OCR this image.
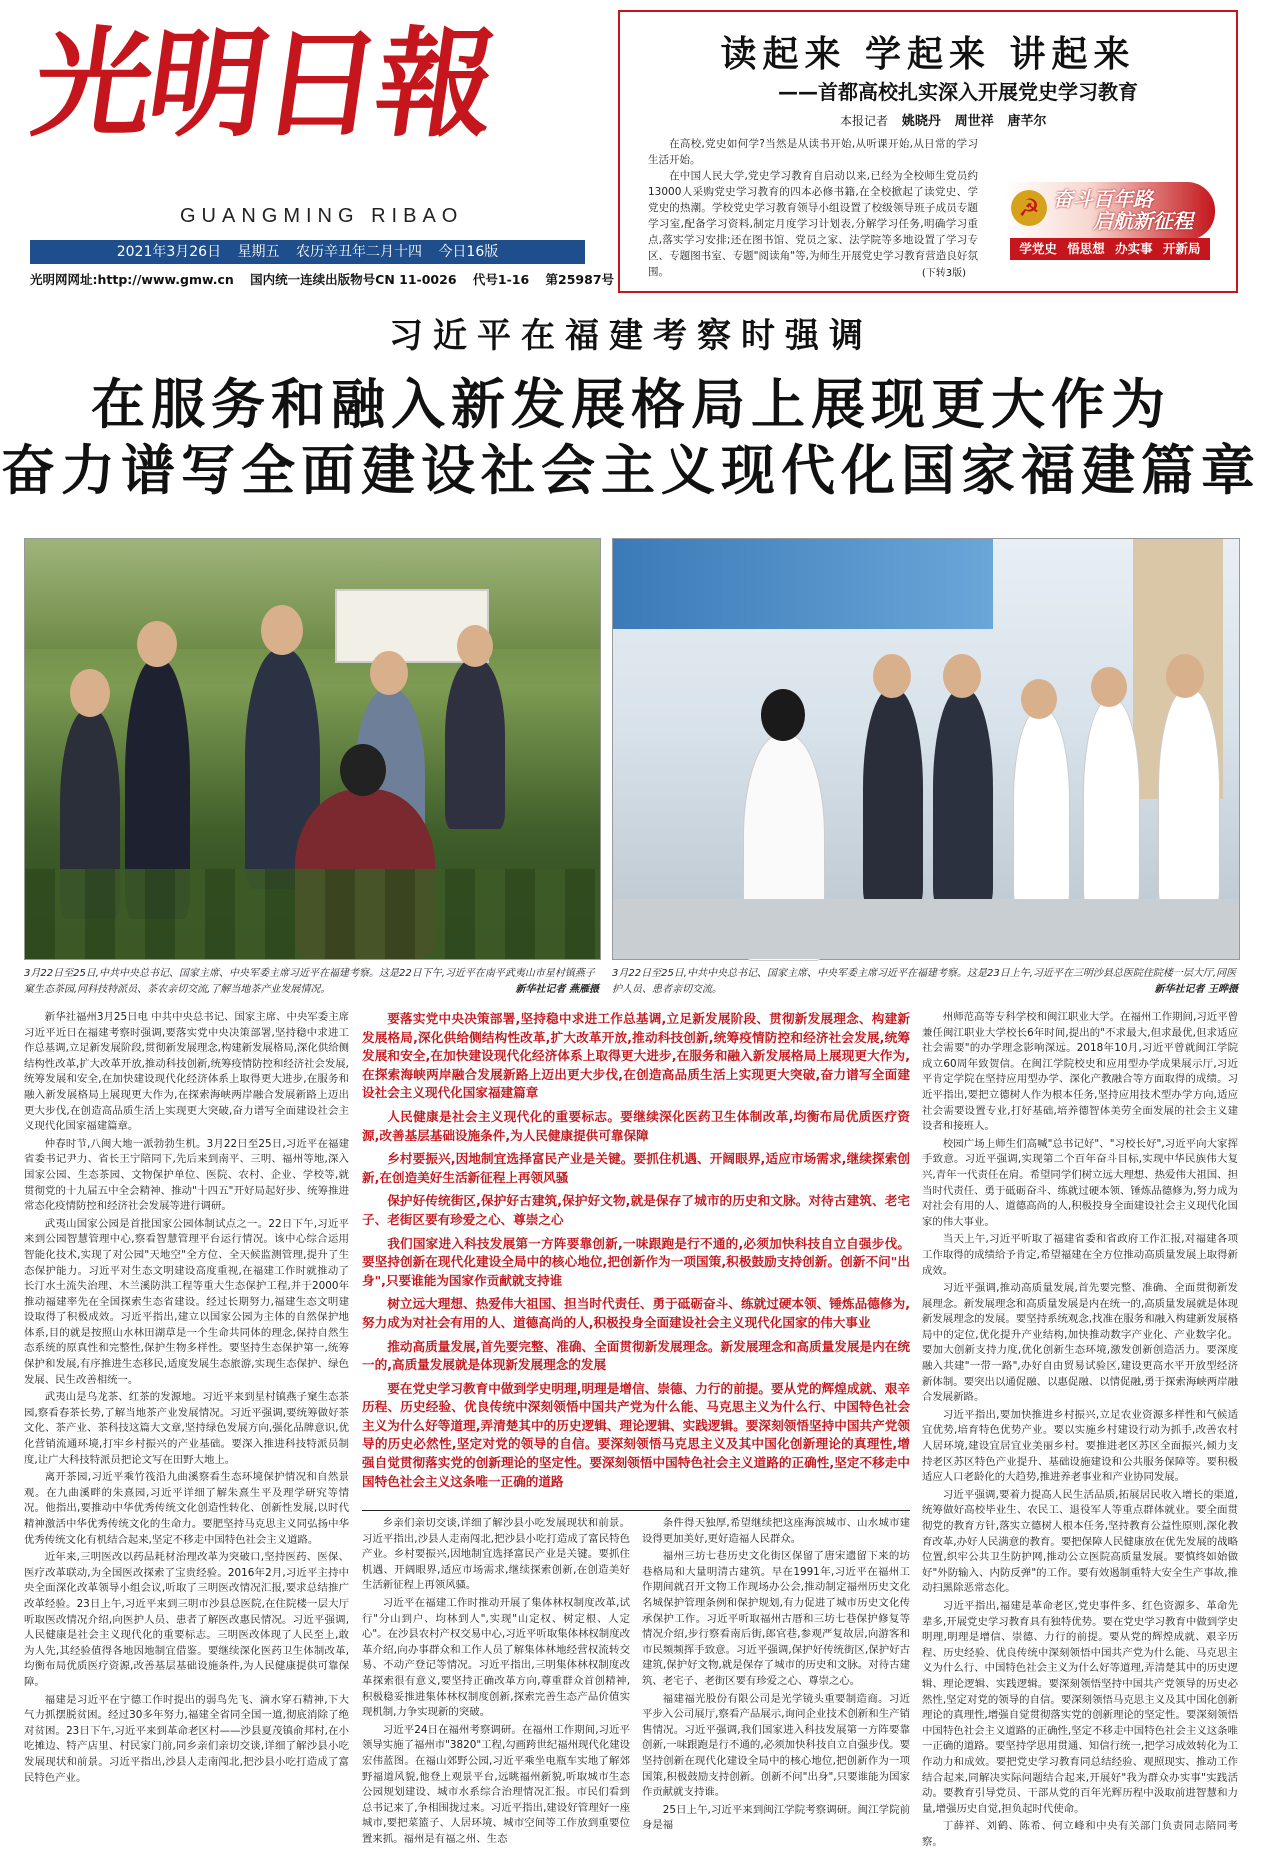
光明日報
GUANGMING RIBAO
2021年3月26日 星期五 农历辛丑年二月十四 今日16版
光明网网址:http://www.gmw.cn 国内统一连续出版物号CN 11-0026 代号1-16 第25987号
读起来 学起来 讲起来
——首都高校扎实深入开展党史学习教育
本报记者 姚晓丹 周世祥 唐芊尔

在高校,党史如何学?当然是从读书开始,从听课开始,从日常的学习生活开始。

在中国人民大学,党史学习教育自启动以来,已经为全校师生党员约13000人采购党史学习教育的四本必修书籍,在全校掀起了读党史、学党史的热潮。学校党史学习教育领导小组设置了校级领导班子成员专题学习室,配备学习资料,制定月度学习计划表,分解学习任务,明确学习重点,落实学习安排;还在图书馆、党员之家、法学院等多地设置了学习专区、专题图书室、专题"阅读角"等,为师生开展党史学习教育营造良好氛围。	(下转3版)
☭ 奋斗百年路
启航新征程
学党史 悟思想 办实事 开新局
习近平在福建考察时强调
在服务和融入新发展格局上展现更大作为
奋力谱写全面建设社会主义现代化国家福建篇章
3月22日至25日,中共中央总书记、国家主席、中央军委主席习近平在福建考察。这是22日下午,习近平在南平武夷山市星村镇燕子窠生态茶园,同科技特派员、茶农亲切交流,了解当地茶产业发展情况。	新华社记者 燕雁摄
3月22日至25日,中共中央总书记、国家主席、中央军委主席习近平在福建考察。这是23日上午,习近平在三明沙县总医院住院楼一层大厅,同医护人员、患者亲切交流。	新华社记者 王晔摄

新华社福州3月25日电 中共中央总书记、国家主席、中央军委主席习近平近日在福建考察时强调,要落实党中央决策部署,坚持稳中求进工作总基调,立足新发展阶段,贯彻新发展理念,构建新发展格局,深化供给侧结构性改革,扩大改革开放,推动科技创新,统筹疫情防控和经济社会发展,统筹发展和安全,在加快建设现代化经济体系上取得更大进步,在服务和融入新发展格局上展现更大作为,在探索海峡两岸融合发展新路上迈出更大步伐,在创造高品质生活上实现更大突破,奋力谱写全面建设社会主义现代化国家福建篇章。

仲春时节,八闽大地一派勃勃生机。3月22日至25日,习近平在福建省委书记尹力、省长王宁陪同下,先后来到南平、三明、福州等地,深入国家公园、生态茶园、文物保护单位、医院、农村、企业、学校等,就贯彻党的十九届五中全会精神、推动"十四五"开好局起好步、统筹推进常态化疫情防控和经济社会发展等进行调研。

武夷山国家公园是首批国家公园体制试点之一。22日下午,习近平来到公园智慧管理中心,察看智慧管理平台运行情况。该中心综合运用智能化技术,实现了对公园"天地空"全方位、全天候监测管理,提升了生态保护能力。习近平对生态文明建设高度重视,在福建工作时就推动了长汀水土流失治理、木兰溪防洪工程等重大生态保护工程,并于2000年推动福建率先在全国探索生态省建设。经过长期努力,福建生态文明建设取得了积极成效。习近平指出,建立以国家公园为主体的自然保护地体系,目的就是按照山水林田湖草是一个生命共同体的理念,保持自然生态系统的原真性和完整性,保护生物多样性。要坚持生态保护第一,统筹保护和发展,有序推进生态移民,适度发展生态旅游,实现生态保护、绿色发展、民生改善相统一。

武夷山是乌龙茶、红茶的发源地。习近平来到星村镇燕子窠生态茶园,察看春茶长势,了解当地茶产业发展情况。习近平强调,要统筹做好茶文化、茶产业、茶科技这篇大文章,坚持绿色发展方向,强化品牌意识,优化营销流通环境,打牢乡村振兴的产业基础。要深入推进科技特派员制度,让广大科技特派员把论文写在田野大地上。

离开茶园,习近平乘竹筏沿九曲溪察看生态环境保护情况和自然景观。在九曲溪畔的朱熹园,习近平详细了解朱熹生平及理学研究等情况。他指出,要推动中华优秀传统文化创造性转化、创新性发展,以时代精神激活中华优秀传统文化的生命力。要肥坚持马克思主义同弘扬中华优秀传统文化有机结合起来,坚定不移走中国特色社会主义道路。

近年来,三明医改以药品耗材治理改革为突破口,坚持医药、医保、医疗改革联动,为全国医改探索了宝贵经验。2016年2月,习近平主持中央全面深化改革领导小组会议,听取了三明医改情况汇报,要求总结推广改革经验。23日上午,习近平来到三明市沙县总医院,在住院楼一层大厅听取医改情况介绍,向医护人员、患者了解医改惠民情况。习近平强调,人民健康是社会主义现代化的重要标志。三明医改体现了人民至上,敢为人先,其经验值得各地因地制宜借鉴。要继续深化医药卫生体制改革,均衡布局优质医疗资源,改善基层基础设施条件,为人民健康提供可靠保障。

福建是习近平在宁德工作时提出的弱鸟先飞、滴水穿石精神,下大气力抓摆脱贫困。经过30多年努力,福建全省同全国一道,彻底消除了绝对贫困。23日下午,习近平来到革命老区村——沙县夏茂镇俞邦村,在小吃摊边、特产店里、村民家门前,同乡亲们亲切交谈,详细了解沙县小吃发展现状和前景。习近平指出,沙县人走南闯北,把沙县小吃打造成了富民特色产业。

要落实党中央决策部署,坚持稳中求进工作总基调,立足新发展阶段、贯彻新发展理念、构建新发展格局,深化供给侧结构性改革,扩大改革开放,推动科技创新,统筹疫情防控和经济社会发展,统筹发展和安全,在加快建设现代化经济体系上取得更大进步,在服务和融入新发展格局上展现更大作为,在探索海峡两岸融合发展新路上迈出更大步伐,在创造高品质生活上实现更大突破,奋力谱写全面建设社会主义现代化国家福建篇章

人民健康是社会主义现代化的重要标志。要继续深化医药卫生体制改革,均衡布局优质医疗资源,改善基层基础设施条件,为人民健康提供可靠保障

乡村要振兴,因地制宜选择富民产业是关键。要抓住机遇、开阔眼界,适应市场需求,继续探索创新,在创造美好生活新征程上再领风骚

保护好传统街区,保护好古建筑,保护好文物,就是保存了城市的历史和文脉。对待古建筑、老宅子、老街区要有珍爱之心、尊崇之心

我们国家进入科技发展第一方阵要靠创新,一味跟跑是行不通的,必须加快科技自立自强步伐。要坚持创新在现代化建设全局中的核心地位,把创新作为一项国策,积极鼓励支持创新。创新不问"出身",只要谁能为国家作贡献就支持谁

树立远大理想、热爱伟大祖国、担当时代责任、勇于砥砺奋斗、练就过硬本领、锤炼品德修为,努力成为对社会有用的人、道德高尚的人,积极投身全面建设社会主义现代化国家的伟大事业

推动高质量发展,首先要完整、准确、全面贯彻新发展理念。新发展理念和高质量发展是内在统一的,高质量发展就是体现新发展理念的发展

要在党史学习教育中做到学史明理,明理是增信、崇德、力行的前提。要从党的辉煌成就、艰辛历程、历史经验、优良传统中深刻领悟中国共产党为什么能、马克思主义为什么行、中国特色社会主义为什么好等道理,弄清楚其中的历史逻辑、理论逻辑、实践逻辑。要深刻领悟坚持中国共产党领导的历史必然性,坚定对党的领导的自信。要深刻领悟马克思主义及其中国化创新理论的真理性,增强自觉贯彻落实党的创新理论的坚定性。要深刻领悟中国特色社会主义道路的正确性,坚定不移走中国特色社会主义这条唯一正确的道路

乡亲们亲切交谈,详细了解沙县小吃发展现状和前景。习近平指出,沙县人走南闯北,把沙县小吃打造成了富民特色产业。乡村要振兴,因地制宜选择富民产业是关键。要抓住机遇、开阔眼界,适应市场需求,继续探索创新,在创造美好生活新征程上再领风骚。

习近平在福建工作时推动开展了集体林权制度改革,试行"分山到户、均林到人",实现"山定权、树定根、人定心"。在沙县农村产权交易中心,习近平听取集体林权制度改革介绍,向办事群众和工作人员了解集体林地经营权流转交易、不动产登记等情况。习近平指出,三明集体林权制度改革探索很有意义,要坚持正确改革方向,尊重群众首创精神,积极稳妥推进集体林权制度创新,探索完善生态产品价值实现机制,力争实现新的突破。

习近平24日在福州考察调研。在福州工作期间,习近平领导实施了福州市"3820"工程,勾画跨世纪福州现代化建设宏伟蓝图。在福山郊野公园,习近平乘坐电瓶车实地了解郊野福道风貌,他登上观景平台,远眺福州新貌,听取城市生态公园规划建设、城市水系综合治理情况汇报。市民们看到总书记来了,争相围拢过来。习近平指出,建设好管理好一座城市,要把菜篮子、人居环境、城市空间等工作放到重要位置来抓。福州是有福之州、生态

条件得天独厚,希望继续把这座海滨城市、山水城市建设得更加美好,更好造福人民群众。

福州三坊七巷历史文化街区保留了唐宋遗留下来的坊巷格局和大量明清古建筑。早在1991年,习近平在福州工作期间就召开文物工作现场办公会,推动制定福州历史文化名城保护管理条例和保护规划,有力促进了城市历史文化传承保护工作。习近平听取福州古厝和三坊七巷保护修复等情况介绍,步行察看南后街,郎官巷,参观严复故居,向游客和市民频频挥手致意。习近平强调,保护好传统街区,保护好古建筑,保护好文物,就是保存了城市的历史和文脉。对待古建筑、老宅子、老街区要有珍爱之心、尊崇之心。

福建福光股份有限公司是光学镜头重要制造商。习近平步入公司展厅,察看产品展示,询问企业技术创新和生产销售情况。习近平强调,我们国家进入科技发展第一方阵要靠创新,一味跟跑是行不通的,必须加快科技自立自强步伐。要坚持创新在现代化建设全局中的核心地位,把创新作为一项国策,积极鼓励支持创新。创新不问"出身",只要谁能为国家作贡献就支持谁。

25日上午,习近平来到闽江学院考察调研。闽江学院前身是福

州师范高等专科学校和闽江职业大学。在福州工作期间,习近平曾兼任闽江职业大学校长6年时间,提出的"不求最大,但求最优,但求适应社会需要"的办学理念影响深远。2018年10月,习近平曾就闽江学院成立60周年致贺信。在闽江学院校史和应用型办学成果展示厅,习近平肯定学院在坚持应用型办学、深化产教融合等方面取得的成绩。习近平指出,要把立德树人作为根本任务,坚持应用技术型办学方向,适应社会需要设置专业,打好基础,培养德智体美劳全面发展的社会主义建设者和接班人。

校园广场上师生们高喊"总书记好"、"习校长好",习近平向大家挥手致意。习近平强调,实现第二个百年奋斗目标,实现中华民族伟大复兴,青年一代责任在肩。希望同学们树立远大理想、热爱伟大祖国、担当时代责任、勇于砥砺奋斗、练就过硬本领、锤炼品德修为,努力成为对社会有用的人、道德高尚的人,积极投身全面建设社会主义现代化国家的伟大事业。

当天上午,习近平听取了福建省委和省政府工作汇报,对福建各项工作取得的成绩给予肯定,希望福建在全方位推动高质量发展上取得新成效。

习近平强调,推动高质量发展,首先要完整、准确、全面贯彻新发展理念。新发展理念和高质量发展是内在统一的,高质量发展就是体现新发展理念的发展。要坚持系统观念,找准在服务和融入构建新发展格局中的定位,优化提升产业结构,加快推动数字产业化、产业数字化。要加大创新支持力度,优化创新生态环境,激发创新创造活力。要深度融入共建"一带一路",办好自由贸易试验区,建设更高水平开放型经济新体制。要突出以通促融、以惠促融、以情促融,勇于探索海峡两岸融合发展新路。

习近平指出,要加快推进乡村振兴,立足农业资源多样性和气候适宜优势,培育特色优势产业。要以实施乡村建设行动为抓手,改善农村人居环境,建设宜居宜业美丽乡村。要推进老区苏区全面振兴,倾力支持老区苏区特色产业提升、基础设施建设和公共服务保障等。要积极适应人口老龄化的大趋势,推进养老事业和产业协同发展。

习近平强调,要着力提高人民生活品质,拓展居民收入增长的渠道,统筹做好高校毕业生、农民工、退役军人等重点群体就业。要全面贯彻党的教育方针,落实立德树人根本任务,坚持教育公益性原则,深化教育改革,办好人民满意的教育。要把保障人民健康放在优先发展的战略位置,织牢公共卫生防护网,推动公立医院高质量发展。要慎终如始做好"外防输入、内防反弹"的工作。要有效遏制重特大安全生产事故,推动扫黑除恶常态化。

习近平指出,福建是革命老区,党史事件多、红色资源多、革命先辈多,开展党史学习教育具有独特优势。要在党史学习教育中做到学史明理,明理是增信、崇德、力行的前提。要从党的辉煌成就、艰辛历程、历史经验、优良传统中深刻领悟中国共产党为什么能、马克思主义为什么行、中国特色社会主义为什么好等道理,弄清楚其中的历史逻辑、理论逻辑、实践逻辑。要深刻领悟坚持中国共产党领导的历史必然性,坚定对党的领导的自信。要深刻领悟马克思主义及其中国化创新理论的真理性,增强自觉贯彻落实党的创新理论的坚定性。要深刻领悟中国特色社会主义道路的正确性,坚定不移走中国特色社会主义这条唯一正确的道路。要坚持学思用贯通、知信行统一,把学习成效转化为工作动力和成效。要把党史学习教育同总结经验、观照现实、推动工作结合起来,同解决实际问题结合起来,开展好"我为群众办实事"实践活动。要教育引导党员、干部从党的百年光辉历程中汲取前进智慧和力量,增强历史自觉,担负起时代使命。

丁薛祥、刘鹤、陈希、何立峰和中央有关部门负责同志陪同考察。
